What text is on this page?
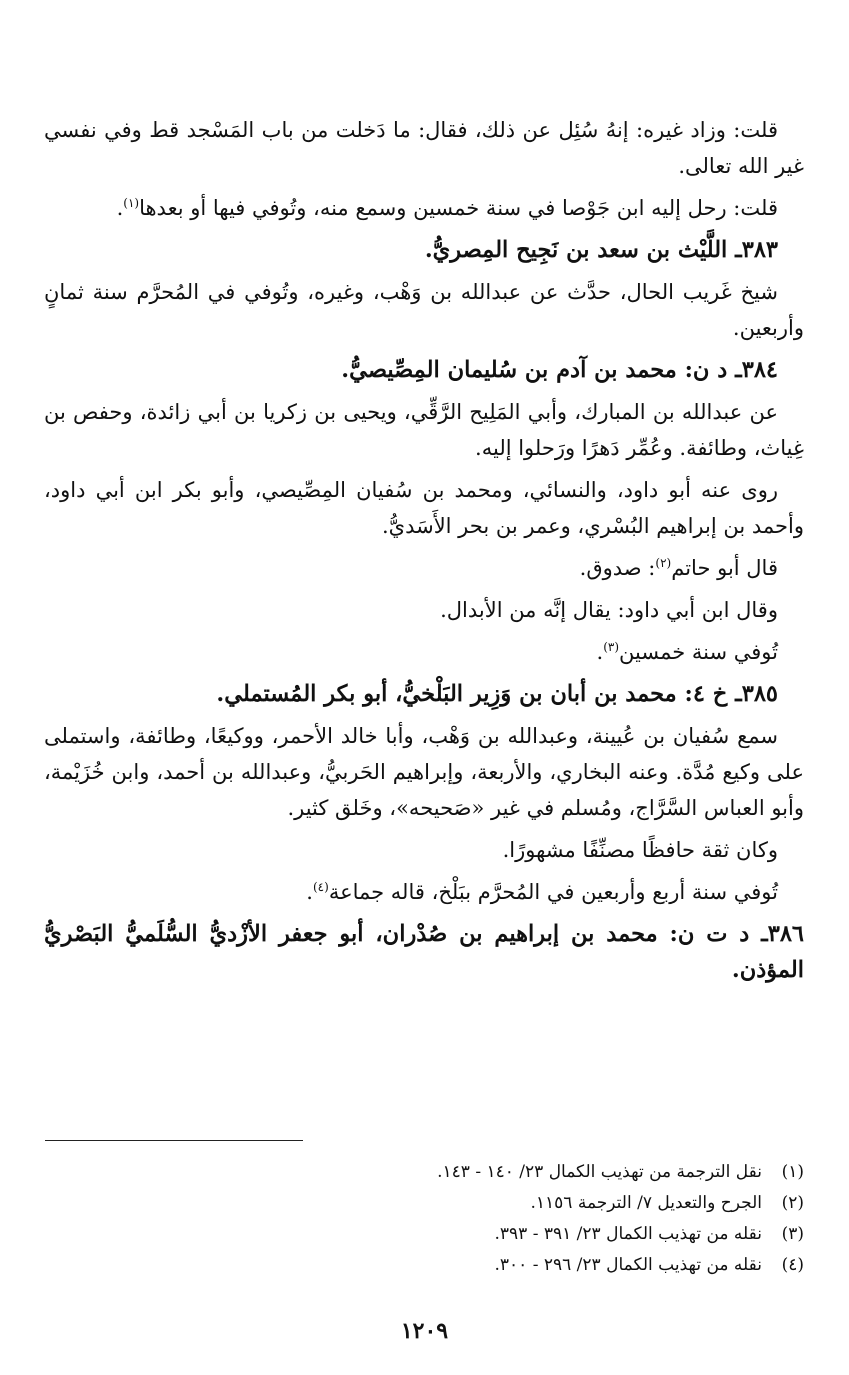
قلت: وزاد غيره: إنهُ سُئِل عن ذلك، فقال: ما دَخلت من باب المَسْجد قط وفي نفسي غير الله تعالى.

قلت: رحل إليه ابن جَوْصا في سنة خمسين وسمع منه، وتُوفي فيها أو بعدها$^{(١)}$.

٣٨٣ـ اللَّيْث بن سعد بن نَجِيح المِصريُّ.

شيخ غَريب الحال، حدَّث عن عبدالله بن وَهْب، وغيره، وتُوفي في المُحرَّم سنة ثمانٍ وأربعين.

٣٨٤ـ د ن: محمد بن آدم بن سُليمان المِصِّيصيُّ.

عن عبدالله بن المبارك، وأبي المَلِيح الرَّقِّي، ويحيى بن زكريا بن أبي زائدة، وحفص بن غِياث، وطائفة. وعُمِّر دَهرًا ورَحلوا إليه.

روى عنه أبو داود، والنسائي، ومحمد بن سُفيان المِصِّيصي، وأبو بكر ابن أبي داود، وأحمد بن إبراهيم البُسْري، وعمر بن بحر الأَسَديُّ.

قال أبو حاتم$^{(٢)}$: صدوق.

وقال ابن أبي داود: يقال إنَّه من الأبدال.

تُوفي سنة خمسين$^{(٣)}$.

٣٨٥ـ خ ٤: محمد بن أبان بن وَزِير البَلْخيُّ، أبو بكر المُستملي.

سمع سُفيان بن عُيينة، وعبدالله بن وَهْب، وأبا خالد الأحمر، ووكيعًا، وطائفة، واستملى على وكيع مُدَّة. وعنه البخاري، والأربعة، وإبراهيم الحَربيُّ، وعبدالله بن أحمد، وابن خُزَيْمة، وأبو العباس السَّرَّاج، ومُسلم في غير «صَحيحه»، وخَلق كثير.

وكان ثقة حافظًا مصنِّفًا مشهورًا.

تُوفي سنة أربع وأربعين في المُحرَّم ببَلْخ، قاله جماعة$^{(٤)}$.

٣٨٦ـ د ت ن: محمد بن إبراهيم بن صُدْران، أبو جعفر الأزْديُّ السُّلَميُّ البَصْريُّ المؤذن.

(١)
نقل الترجمة من تهذيب الكمال ٢٣/ ١٤٠ - ١٤٣.
(٢)
الجرح والتعديل ٧/ الترجمة ١١٥٦.
(٣)
نقله من تهذيب الكمال ٢٣/ ٣٩١ - ٣٩٣.
(٤)
نقله من تهذيب الكمال ٢٣/ ٢٩٦ - ٣٠٠.
١٢٠٩
